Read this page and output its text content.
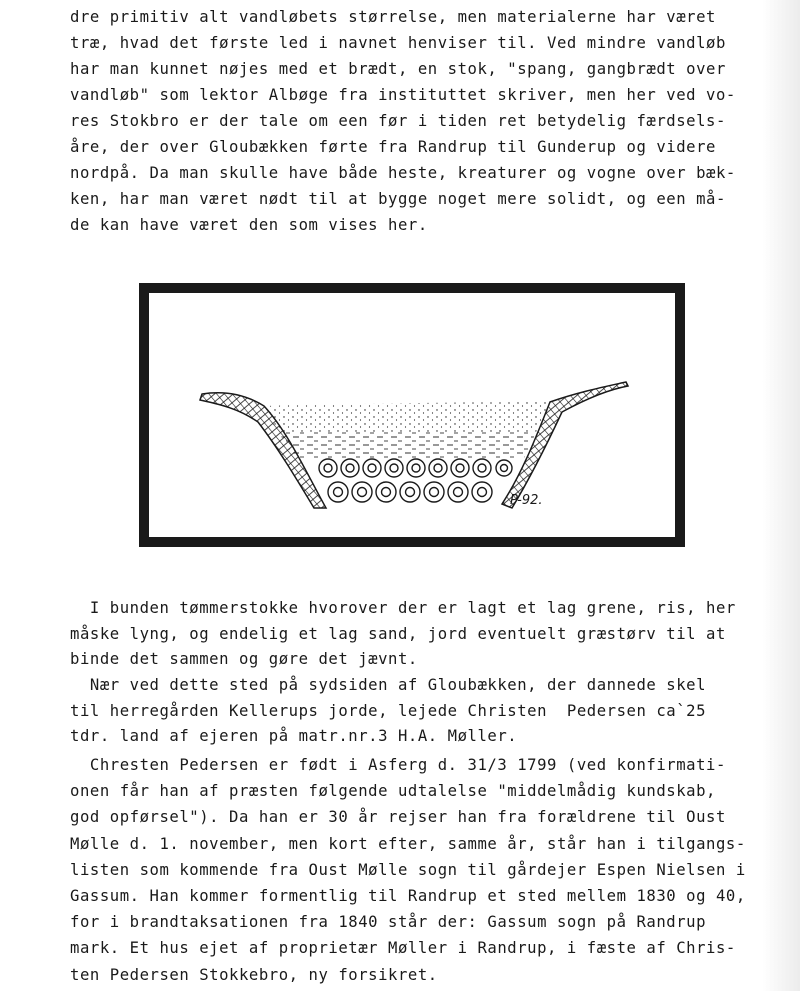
dre primitiv alt vandløbets størrelse, men materialerne har været
træ, hvad det første led i navnet henviser til. Ved mindre vandløb
har man kunnet nøjes med et brædt, en stok, "spang, gangbrædt over
vandløb" som lektor Albøge fra instituttet skriver, men her ved vo-
res Stokbro er der tale om een før i tiden ret betydelig færdsels-
åre, der over Gloubækken førte fra Randrup til Gunderup og videre
nordpå. Da man skulle have både heste, kreaturer og vogne over bæk-
ken, har man været nødt til at bygge noget mere solidt, og een må-
de kan have været den som vises her.
P-92.
I bunden tømmerstokke hvorover der er lagt et lag grene, ris, her
måske lyng, og endelig et lag sand, jord eventuelt græstørv til at
binde det sammen og gøre det jævnt.
Nær ved dette sted på sydsiden af Gloubækken, der dannede skel
til herregården Kellerups jorde, lejede Christen  Pedersen ca`25
tdr. land af ejeren på matr.nr.3 H.A. Møller.
Chresten Pedersen er født i Asferg d. 31/3 1799 (ved konfirmati-
onen får han af præsten følgende udtalelse "middelmådig kundskab,
god opførsel"). Da han er 30 år rejser han fra forældrene til Oust
Mølle d. 1. november, men kort efter, samme år, står han i tilgangs-
listen som kommende fra Oust Mølle sogn til gårdejer Espen Nielsen i
Gassum. Han kommer formentlig til Randrup et sted mellem 1830 og 40,
for i brandtaksationen fra 1840 står der: Gassum sogn på Randrup
mark. Et hus ejet af proprietær Møller i Randrup, i fæste af Chris-
ten Pedersen Stokkebro, ny forsikret.
